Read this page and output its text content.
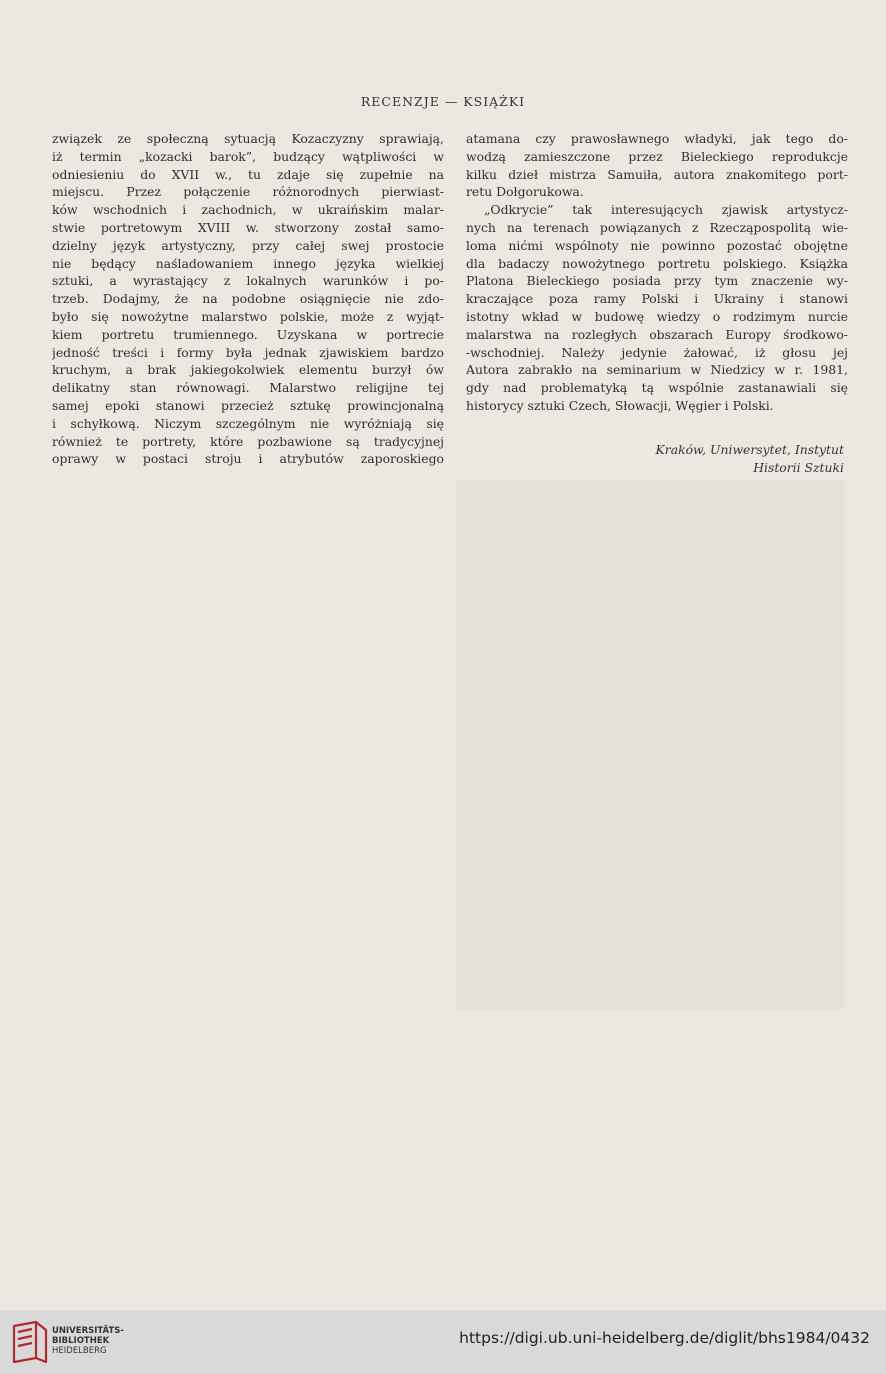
RECENZJE — KSIĄŻKI
związek ze społeczną sytuacją Kozaczyzny sprawiają,
iż termin „kozacki barok”, budzący wątpliwości w
odniesieniu do XVII w., tu zdaje się zupełnie na
miejscu. Przez połączenie różnorodnych pierwiast-
ków wschodnich i zachodnich, w ukraińskim malar-
stwie portretowym XVIII w. stworzony został samo-
dzielny język artystyczny, przy całej swej prostocie
nie będący naśladowaniem innego języka wielkiej
sztuki, a wyrastający z lokalnych warunków i po-
trzeb. Dodajmy, że na podobne osiągnięcie nie zdo-
było się nowożytne malarstwo polskie, może z wyjąt-
kiem portretu trumiennego. Uzyskana w portrecie
jedność treści i formy była jednak zjawiskiem bardzo
kruchym, a brak jakiegokolwiek elementu burzył ów
delikatny stan równowagi. Malarstwo religijne tej
samej epoki stanowi przecież sztukę prowincjonalną
i schyłkową. Niczym szczególnym nie wyróżniają się
również te portrety, które pozbawione są tradycyjnej
oprawy w postaci stroju i atrybutów zaporoskiego
atamana czy prawosławnego władyki, jak tego do-
wodzą zamieszczone przez Bieleckiego reprodukcje
kilku dzieł mistrza Samuiła, autora znakomitego port-
retu Dołgorukowa.
„Odkrycie” tak interesujących zjawisk artystycz-
nych na terenach powiązanych z Rzecząpospolitą wie-
loma nićmi wspólnoty nie powinno pozostać obojętne
dla badaczy nowożytnego portretu polskiego. Książka
Platona Bieleckiego posiada przy tym znaczenie wy-
kraczające poza ramy Polski i Ukrainy i stanowi
istotny wkład w budowę wiedzy o rodzimym nurcie
malarstwa na rozległych obszarach Europy środkowo-
-wschodniej. Należy jedynie żałować, iż głosu jej
Autora zabrakło na seminarium w Niedzicy w r. 1981,
gdy nad problematyką tą wspólnie zastanawiali się
historycy sztuki Czech, Słowacji, Węgier i Polski.
Kraków, Uniwersytet, Instytut
Historii Sztuki
UNIVERSITÄTS-
BIBLIOTHEK
HEIDELBERG
https://digi.ub.uni-heidelberg.de/diglit/bhs1984/0432
